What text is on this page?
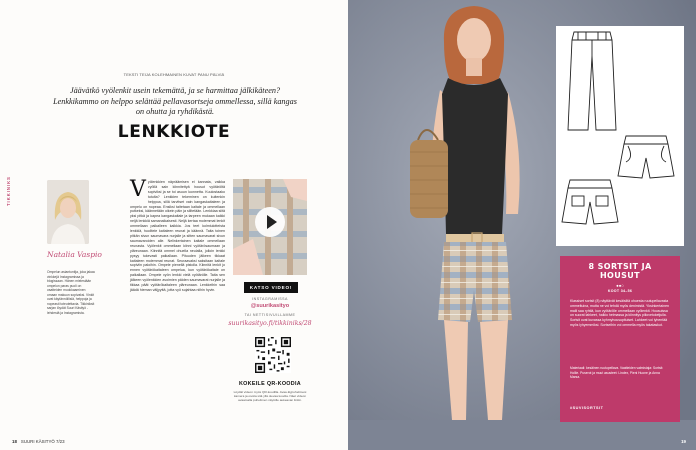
TEKSTI TEIJA KOLEHMAINEN KUVAT PANU PÄLVIÄ
Jäävätkö vyölenkit usein tekemättä, ja se harmittaa jälkikäteen? Lenkkikammo on helppo selättää pellavasortseja ommellessa, sillä kangas on ohutta ja ryhdikästä.
LENKKIOTE
TIKKINIKS
Natalia Vaspio
Ompelun asiantuntija, joka jakaa vinkkejä Instagramissa ja blogissaan. Hänen mielestään ompelun paras puoli on vaatteiden muokkaaminen omaan makuun sopivaksi. Vinkit ovat käytännöllisiä, helppoja ja nopeasti toteutettavia. Tikkiniksit sarjan löydät Suuri Käsityö -lehdestä ja Instagramista.
Vyölenkkien näpräämisen ei kannata, vaikka vyöllä sain kiinnitettyä housut vyötäröltä sopiviksi ja se toi asuun luonnetta. Kuulostaako tutulta? Lenkkien tekeminen on kuitenkin helppoa, sillä tarvitset vain kangaskaitaleen ja ompelu on nopeaa. Ensiksi taitetaan kaitale ja ommellaan putkeksi, käännetään oikein päin ja silitetään. Lenkkiaa siitä yksi pitkä ja kapea kangaskaitale ja tarpeen mukaan kaikki neljä lenkkiä samanaikaisesti. Neljä kertaa molemmat lenkit ommellaan paikalleen kaikkia. Jos teet kolmiulotteista lenkkiä, huolitele kaitaleen reunat ja käännä. Taita toinen pitkän sivun saumavara nurjalle ja sitten saumavarat sivun saumavaroiden alle. Nelinkertainen kaitale ommellaan reunasta. Vyölenkit ommellaan kiinni vyötärösaumaan ja yläreunaan. Kiinnitä ommel ohuella neulalla, jolloin lenkki pysyy tukevasti paikallaan. Pituuden jälkeen tikkaat kaitaleen molemmat reunat. Seuraavaksi saksitaan kaitale sopiviin paloihin. Ompele pienellä pistolla. Kiinnitä lenkit jo ennen vyötärökaitaleen ompelua, kun vyötärökaitale on paikallaan. Ompele vyön lenkki vielä vyötärölle. Taita sen jälkeen vyölenkkien avoimien päiden saumavarat nurjalle ja tikkaa päät vyötärökaitaleen yläreunaan. Lenkkeihin saa jäädä hieman väljyyttä, jotta vyö sujahtaa niihin hyvin.	KATSO VIDEO!
INSTAGRAMISSA
@suurikasityo
TAI NETTISIVUILLAMME
suurikasityo.fi/tikkiniks/28
KOKEILE QR-KOODIA
Löydät videon myös QR-koodilla. Avaa älypuhelimesi kamera ja osoita sitä yllä olevaa koodia. Näet videon avaamalla puhelimen näytölle aukeavan linkin.
18 SUURI KÄSITYÖ 7/23
8 SORTSIT JA
HOUSUT
●●○
KOOT 34–56
Klassiset sortsit (8) näyttävät kesäisiltä ohuesta ruutupellavasta ommeltuina, mutta ne voi tehdä myös denimistä. Yksinkertainen malli saa ryhtiä, kun vyötärölle ommellaan vyölenkit. Housuissa on suorat lahkeet, halkio helmassa ja kiinnitys piilovetoketjulla. Sortsit ovat kuvassa kyhmyhousupituiset. Lahkeet voi lyhentää myös lyhyemmiksi. Sortseihin voi ommella myös takataskut.
Materiaali: kesäinen ruutupellava. Vaatteiden valmistaja: Sortsit: Hollie. Puserot ja muut asusteet: Lindex, Pieni Huone ja Anna Marsa.
#SUVISORTSIT
19
